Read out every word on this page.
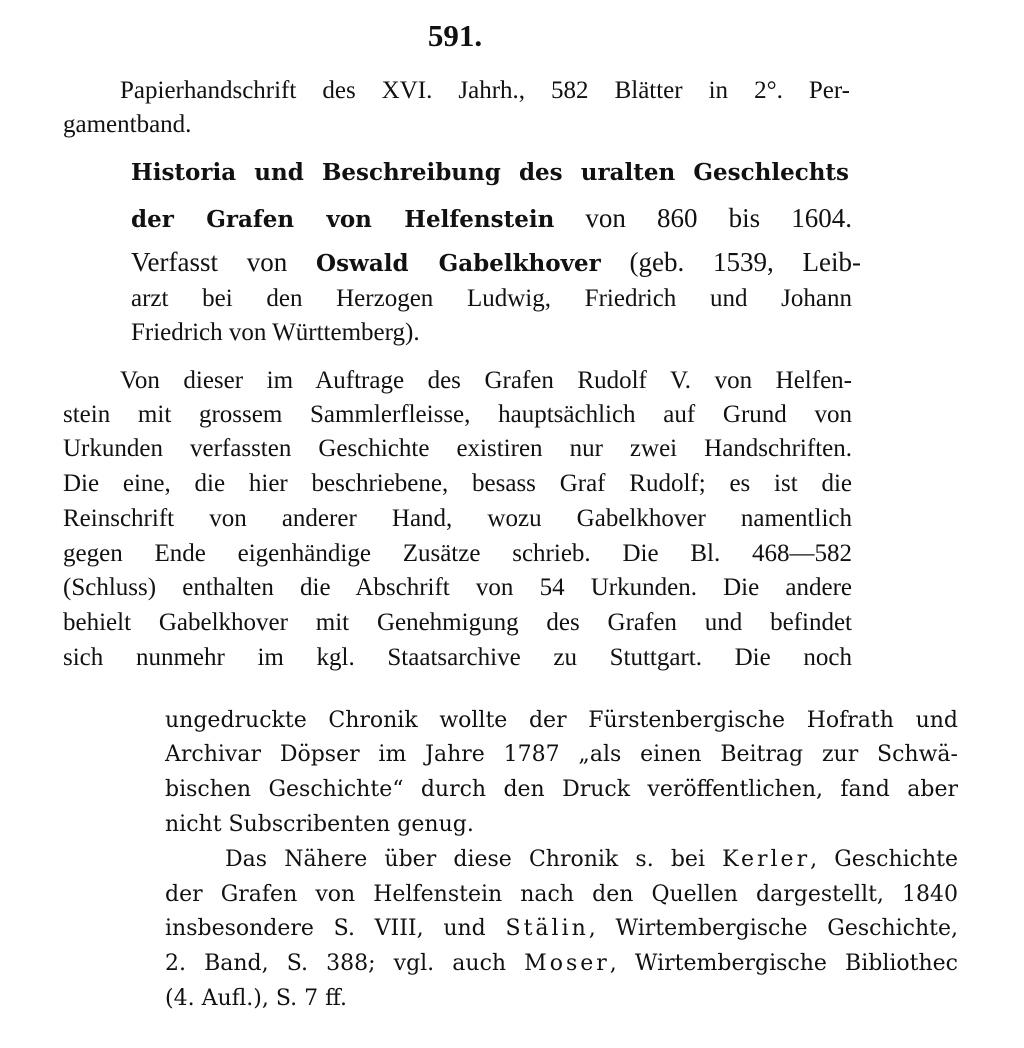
591.
Papierhandschrift des XVI. Jahrh., 582 Blätter in 2°. Per-
gamentband.
Historia und Beschreibung des uralten Geschlechts
der Grafen von Helfenstein von 860 bis 1604.
Verfasst von Oswald Gabelkhover (geb. 1539, Leib-
arzt bei den Herzogen Ludwig, Friedrich und Johann
Friedrich von Württemberg).
Von dieser im Auftrage des Grafen Rudolf V. von Helfen-
stein mit grossem Sammlerfleisse, hauptsächlich auf Grund von
Urkunden verfassten Geschichte existiren nur zwei Handschriften.
Die eine, die hier beschriebene, besass Graf Rudolf; es ist die
Reinschrift von anderer Hand, wozu Gabelkhover namentlich
gegen Ende eigenhändige Zusätze schrieb. Die Bl. 468—582
(Schluss) enthalten die Abschrift von 54 Urkunden. Die andere
behielt Gabelkhover mit Genehmigung des Grafen und befindet
sich nunmehr im kgl. Staatsarchive zu Stuttgart. Die noch
ungedruckte Chronik wollte der Fürstenbergische Hofrath und
Archivar Döpser im Jahre 1787 „als einen Beitrag zur Schwä-
bischen Geschichte“ durch den Druck veröffentlichen, fand aber
nicht Subscribenten genug.
Das Nähere über diese Chronik s. bei Kerler, Geschichte
der Grafen von Helfenstein nach den Quellen dargestellt, 1840
insbesondere S. VIII, und Stälin, Wirtembergische Geschichte,
2. Band, S. 388; vgl. auch Moser, Wirtembergische Bibliothec
(4. Aufl.), S. 7 ff.
